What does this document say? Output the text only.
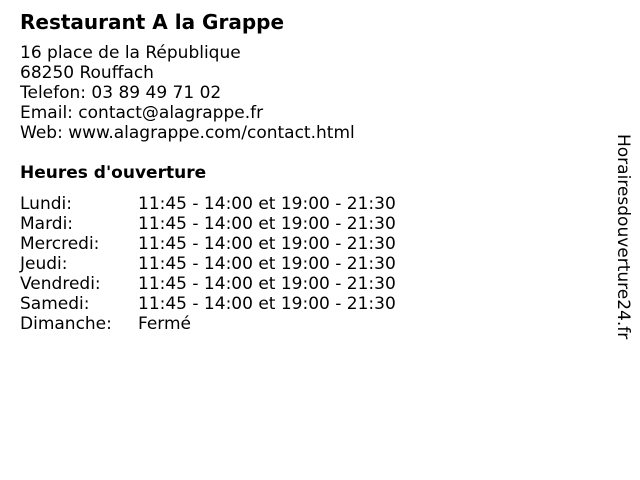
Restaurant A la Grappe
16 place de la République
68250 Rouffach
Telefon: 03 89 49 71 02
Email: contact@alagrappe.fr
Web: www.alagrappe.com/contact.html
Heures d'ouverture
Lundi:	11:45 - 14:00 et 19:00 - 21:30
Mardi:	11:45 - 14:00 et 19:00 - 21:30
Mercredi:	11:45 - 14:00 et 19:00 - 21:30
Jeudi:	11:45 - 14:00 et 19:00 - 21:30
Vendredi:	11:45 - 14:00 et 19:00 - 21:30
Samedi:	11:45 - 14:00 et 19:00 - 21:30
Dimanche:	Fermé	Horairesdouverture24.fr
